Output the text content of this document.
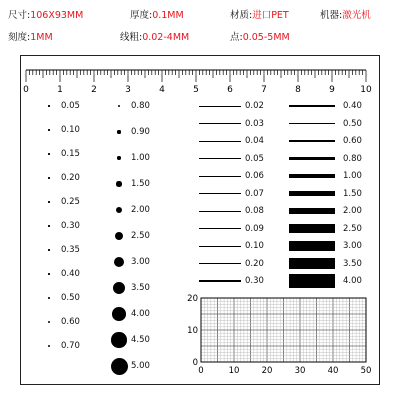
尺寸:106X93MM	厚度:0.1MM	材质:进口PET	机器:激光机
刻度:1MM	线粗:0.02-4MM	点:0.05-5MM
0	1	2	3	4	5	6	7	8	9	10
0.05
0.10
0.15
0.20
0.25
0.30
0.35
0.40
0.50
0.60
0.70
0.80
0.90
1.00
1.50
2.00
2.50
3.00
3.50
4.00
4.50
5.00
0.02
0.03
0.04
0.05
0.06
0.07
0.08
0.09
0.10
0.20
0.30
0.40
0.50
0.60
0.80
1.00
1.50
2.00
2.50
3.00
3.50
4.00
0	10	20	30	40	50
20
10
0
